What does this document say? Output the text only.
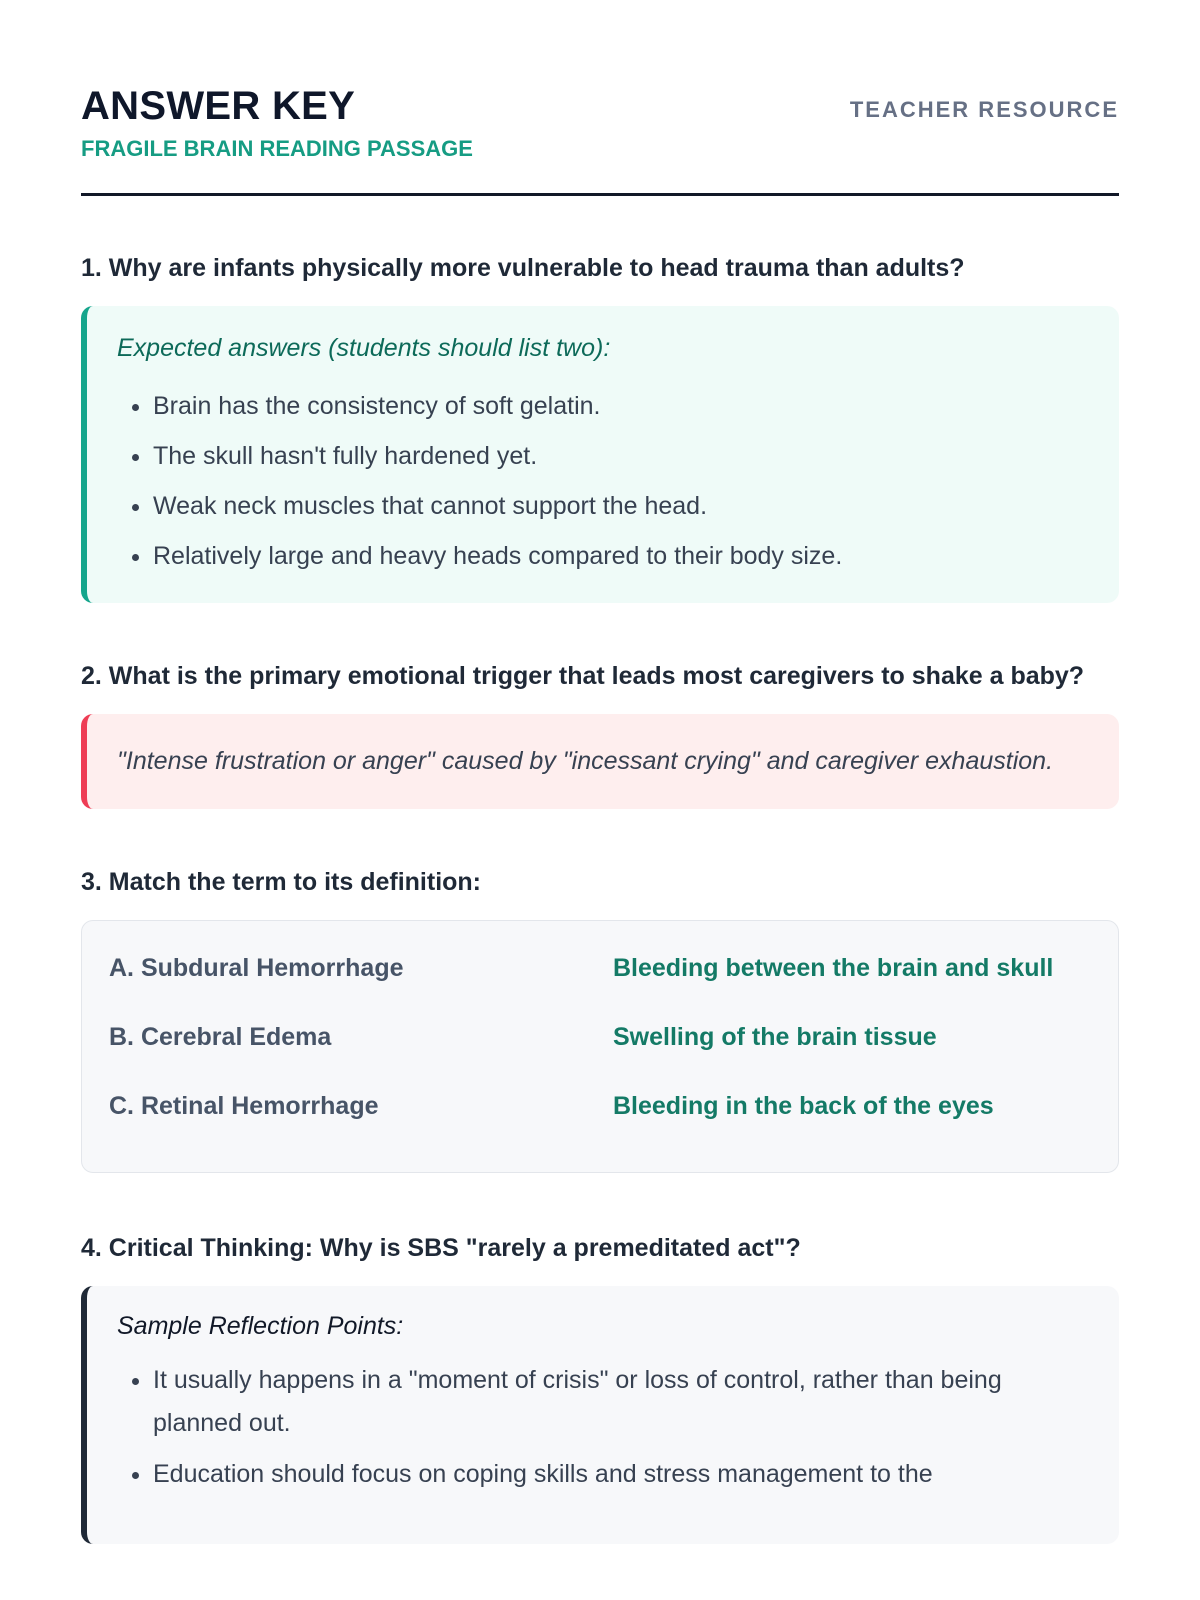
ANSWER KEY
FRAGILE BRAIN READING PASSAGE
TEACHER RESOURCE

1. Why are infants physically more vulnerable to head trauma than adults?

Expected answers (students should list two):

• Brain has the consistency of soft gelatin.
• The skull hasn't fully hardened yet.
• Weak neck muscles that cannot support the head.
• Relatively large and heavy heads compared to their body size.

2. What is the primary emotional trigger that leads most caregivers to shake a baby?

"Intense frustration or anger" caused by "incessant crying" and caregiver exhaustion.

3. Match the term to its definition:

A. Subdural Hemorrhage	Bleeding between the brain and skull
B. Cerebral Edema	Swelling of the brain tissue
C. Retinal Hemorrhage	Bleeding in the back of the eyes

4. Critical Thinking: Why is SBS "rarely a premeditated act"?

Sample Reflection Points:

• It usually happens in a "moment of crisis" or loss of control, rather than being planned out.
• Education should focus on coping skills and stress management to the
